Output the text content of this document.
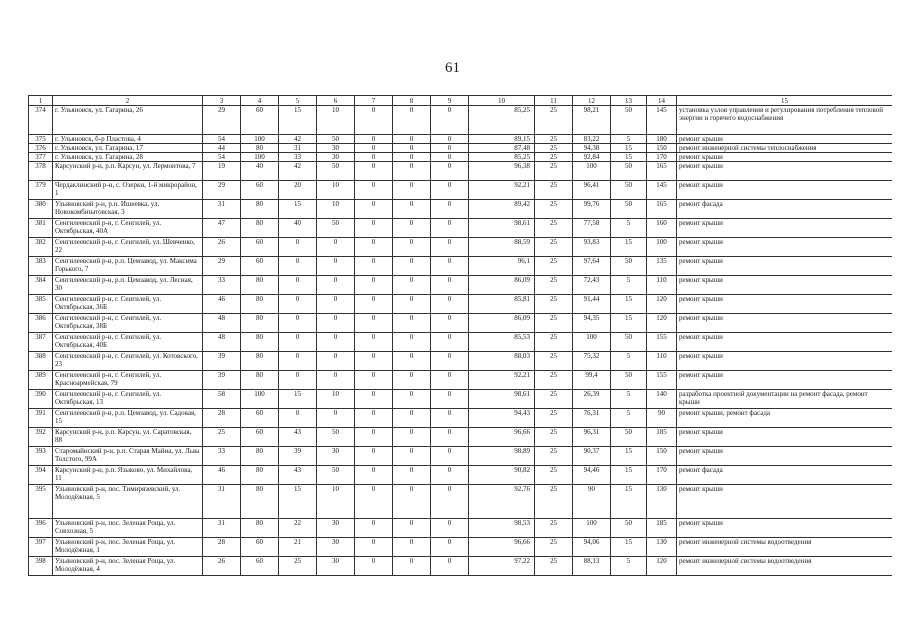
61
1	2	3	4	5	6	7	8	9	10	11	12	13	14	15
374	г. Ульяновск, ул. Гагарина, 26	29	60	15	10	0	0	0	85,25	25	98,21	50	145	установка узлов управления и регулирования потребления тепловой энергии и горячего водоснабжения
375	г. Ульяновск, б-р Пластова, 4	54	100	42	50	0	0	0	89,15	25	83,22	5	180	ремонт крыши
376	г. Ульяновск, ул. Гагарина, 17	44	80	31	30	0	0	0	87,48	25	94,38	15	150	ремонт инженерной системы теплоснабжения
377	г. Ульяновск, ул. Гагарина, 28	54	100	33	30	0	0	0	85,25	25	92,84	15	170	ремонт крыши
378	Карсунский р-н, р.п. Карсун, ул. Лермонтова, 7	19	40	42	50	0	0	0	96,38	25	100	50	165	ремонт крыши
379	Чердаклинский р-н, с. Озерки, 1-й микрорайон, 1	29	60	20	10	0	0	0	92,21	25	96,41	50	145	ремонт крыши
380	Ульяновский р-н, р.п. Ишеевка, ул. Новокомбинатовская, 3	31	80	15	10	0	0	0	89,42	25	99,76	50	165	ремонт фасада
381	Сенгилеевский р-н, г. Сенгилей, ул. Октябрьская, 40А	47	80	40	50	0	0	0	98,61	25	77,58	5	160	ремонт крыши
382	Сенгилеевский р-н, г. Сенгилей, ул. Шевченко, 22	26	60	0	0	0	0	0	88,59	25	93,83	15	100	ремонт крыши
383	Сенгилеевский р-н, р.п. Цемзавод, ул. Максима Горького, 7	29	60	0	0	0	0	0	96,1	25	97,64	50	135	ремонт крыши
384	Сенгилеевский р-н, р.п. Цемзавод, ул. Лесная, 30	33	80	0	0	0	0	0	86,09	25	72,43	5	110	ремонт крыши
385	Сенгилеевский р-н, г. Сенгилей, ул. Октябрьская, 36Б	46	80	0	0	0	0	0	85,81	25	91,44	15	120	ремонт крыши
386	Сенгилеевский р-н, г. Сенгилей, ул. Октябрьская, 38Б	48	80	0	0	0	0	0	86,09	25	94,35	15	120	ремонт крыши
387	Сенгилеевский р-н, г. Сенгилей, ул. Октябрьская, 40Б	48	80	0	0	0	0	0	85,53	25	100	50	155	ремонт крыши
388	Сенгилеевский р-н, г. Сенгилей, ул. Котовского, 23	39	80	0	0	0	0	0	88,03	25	75,32	5	110	ремонт крыши
389	Сенгилеевский р-н, г. Сенгилей, ул. Красноармейская, 79	39	80	0	0	0	0	0	92,21	25	99,4	50	155	ремонт крыши
390	Сенгилеевский р-н, г. Сенгилей, ул. Октябрьская, 13	58	100	15	10	0	0	0	98,61	25	26,39	5	140	разработка проектной документации на ремонт фасада, ремонт крыши
391	Сенгилеевский р-н, р.п. Цемзавод, ул. Садовая, 15	28	60	0	0	0	0	0	94,43	25	76,31	5	90	ремонт крыши, ремонт фасада
392	Карсунский р-н, р.п. Карсун, ул. Саратовская, 88	25	60	43	50	0	0	0	96,66	25	96,31	50	185	ремонт крыши
393	Старомайнский р-н, р.п. Старая Майна, ул. Льва Толстого, 99А	33	80	39	30	0	0	0	98,89	25	90,37	15	150	ремонт крыши
394	Карсунский р-н, р.п. Языково, ул. Михайлова, 11	46	80	43	50	0	0	0	90,82	25	94,46	15	170	ремонт фасада
395	Ульяновский р-н, пос. Тимирязевский, ул. Молодёжная, 5	31	80	15	10	0	0	0	92,76	25	90	15	130	ремонт крыши
396	Ульяновский р-н, пос. Зеленая Роща, ул. Совхозная, 5	31	80	22	30	0	0	0	98,53	25	100	50	185	ремонт крыши
397	Ульяновский р-н, пос. Зеленая Роща, ул. Молодёжная, 1	28	60	21	30	0	0	0	96,66	25	94,06	15	130	ремонт инженерной системы водоотведения
398	Ульяновский р-н, пос. Зеленая Роща, ул. Молодёжная, 4	26	60	25	30	0	0	0	97,22	25	88,13	5	120	ремонт инженерной системы водоотведения
